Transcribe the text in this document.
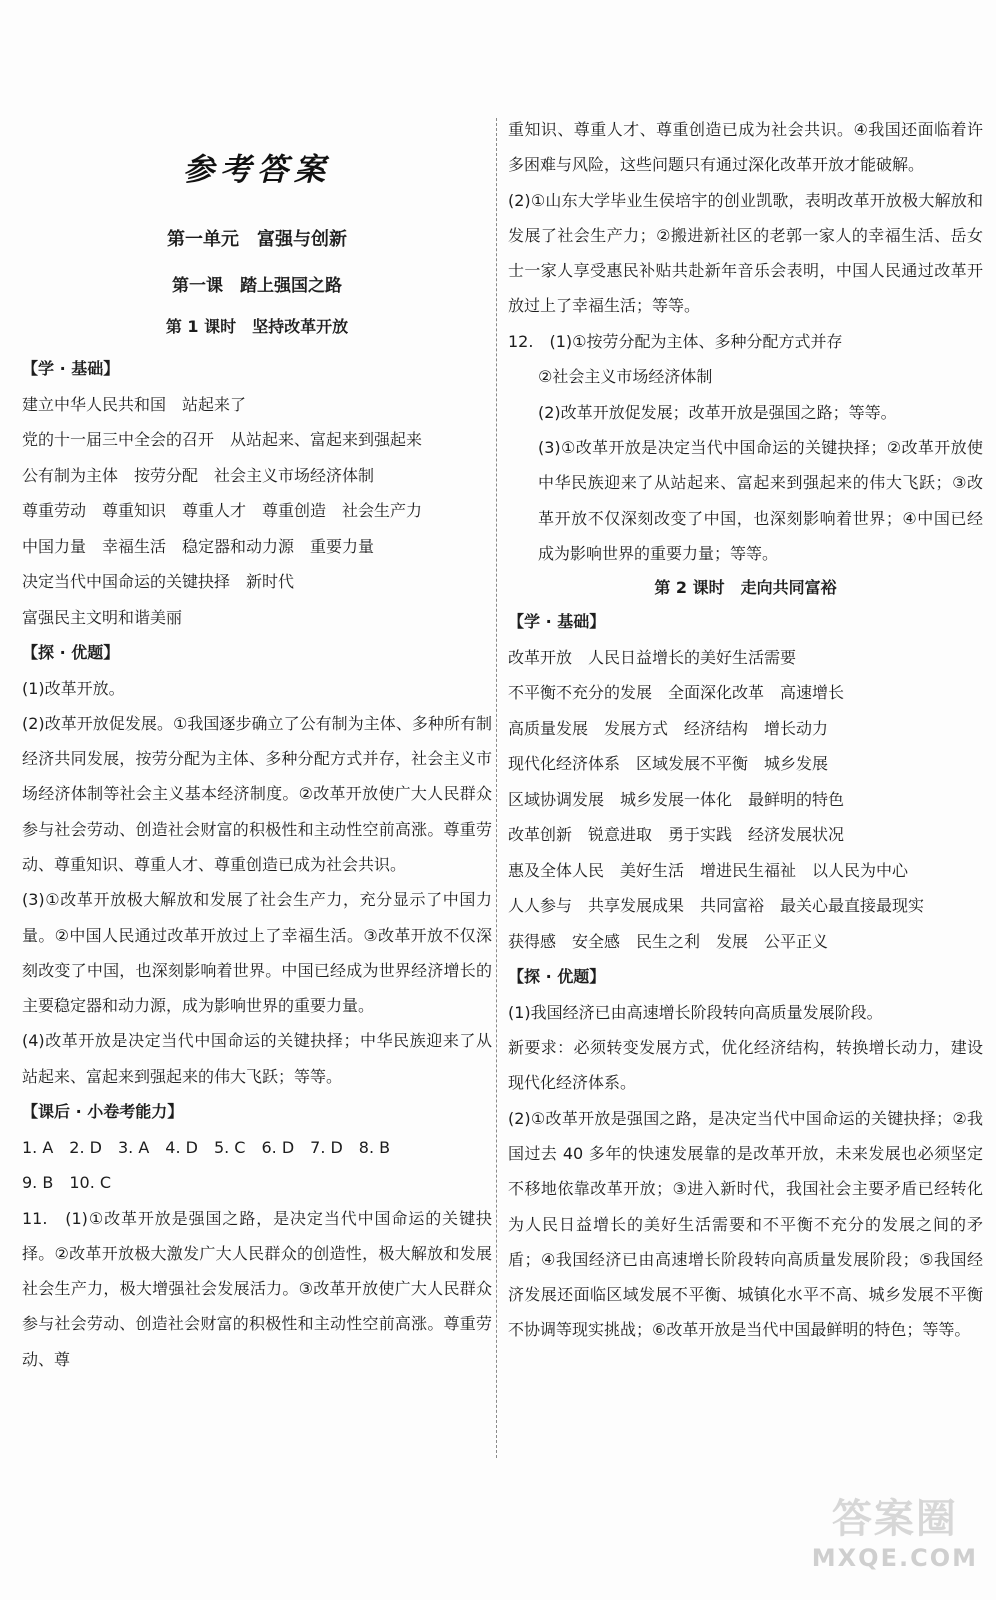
参考答案
第一单元　富强与创新
第一课　踏上强国之路
第 1 课时　坚持改革开放
【学 · 基础】
建立中华人民共和国　站起来了
党的十一届三中全会的召开　从站起来、富起来到强起来
公有制为主体　按劳分配　社会主义市场经济体制
尊重劳动　尊重知识　尊重人才　尊重创造　社会生产力
中国力量　幸福生活　稳定器和动力源　重要力量
决定当代中国命运的关键抉择　新时代
富强民主文明和谐美丽
【探 · 优题】
(1)改革开放。
(2)改革开放促发展。①我国逐步确立了公有制为主体、多种所有制经济共同发展，按劳分配为主体、多种分配方式并存，社会主义市场经济体制等社会主义基本经济制度。②改革开放使广大人民群众参与社会劳动、创造社会财富的积极性和主动性空前高涨。尊重劳动、尊重知识、尊重人才、尊重创造已成为社会共识。
(3)①改革开放极大解放和发展了社会生产力，充分显示了中国力量。②中国人民通过改革开放过上了幸福生活。③改革开放不仅深刻改变了中国，也深刻影响着世界。中国已经成为世界经济增长的主要稳定器和动力源，成为影响世界的重要力量。
(4)改革开放是决定当代中国命运的关键抉择；中华民族迎来了从站起来、富起来到强起来的伟大飞跃；等等。
【课后 · 小卷考能力】
1. A　2. D　3. A　4. D　5. C　6. D　7. D　8. B
9. B　10. C
11.　(1)①改革开放是强国之路，是决定当代中国命运的关键抉择。②改革开放极大激发广大人民群众的创造性，极大解放和发展社会生产力，极大增强社会发展活力。③改革开放使广大人民群众参与社会劳动、创造社会财富的积极性和主动性空前高涨。尊重劳动、尊
重知识、尊重人才、尊重创造已成为社会共识。④我国还面临着许多困难与风险，这些问题只有通过深化改革开放才能破解。
(2)①山东大学毕业生侯培宇的创业凯歌，表明改革开放极大解放和发展了社会生产力；②搬进新社区的老郭一家人的幸福生活、岳女士一家人享受惠民补贴共赴新年音乐会表明，中国人民通过改革开放过上了幸福生活；等等。
12.　(1)①按劳分配为主体、多种分配方式并存
②社会主义市场经济体制
(2)改革开放促发展；改革开放是强国之路；等等。
(3)①改革开放是决定当代中国命运的关键抉择；②改革开放使中华民族迎来了从站起来、富起来到强起来的伟大飞跃；③改革开放不仅深刻改变了中国，也深刻影响着世界；④中国已经成为影响世界的重要力量；等等。
第 2 课时　走向共同富裕
【学 · 基础】
改革开放　人民日益增长的美好生活需要
不平衡不充分的发展　全面深化改革　高速增长
高质量发展　发展方式　经济结构　增长动力
现代化经济体系　区域发展不平衡　城乡发展
区域协调发展　城乡发展一体化　最鲜明的特色
改革创新　锐意进取　勇于实践　经济发展状况
惠及全体人民　美好生活　增进民生福祉　以人民为中心
人人参与　共享发展成果　共同富裕　最关心最直接最现实
获得感　安全感　民生之利　发展　公平正义
【探 · 优题】
(1)我国经济已由高速增长阶段转向高质量发展阶段。
新要求：必须转变发展方式，优化经济结构，转换增长动力，建设现代化经济体系。
(2)①改革开放是强国之路，是决定当代中国命运的关键抉择；②我国过去 40 多年的快速发展靠的是改革开放，未来发展也必须坚定不移地依靠改革开放；③进入新时代，我国社会主要矛盾已经转化为人民日益增长的美好生活需要和不平衡不充分的发展之间的矛盾；④我国经济已由高速增长阶段转向高质量发展阶段；⑤我国经济发展还面临区域发展不平衡、城镇化水平不高、城乡发展不平衡不协调等现实挑战；⑥改革开放是当代中国最鲜明的特色；等等。
答案圈
MXQE.COM
